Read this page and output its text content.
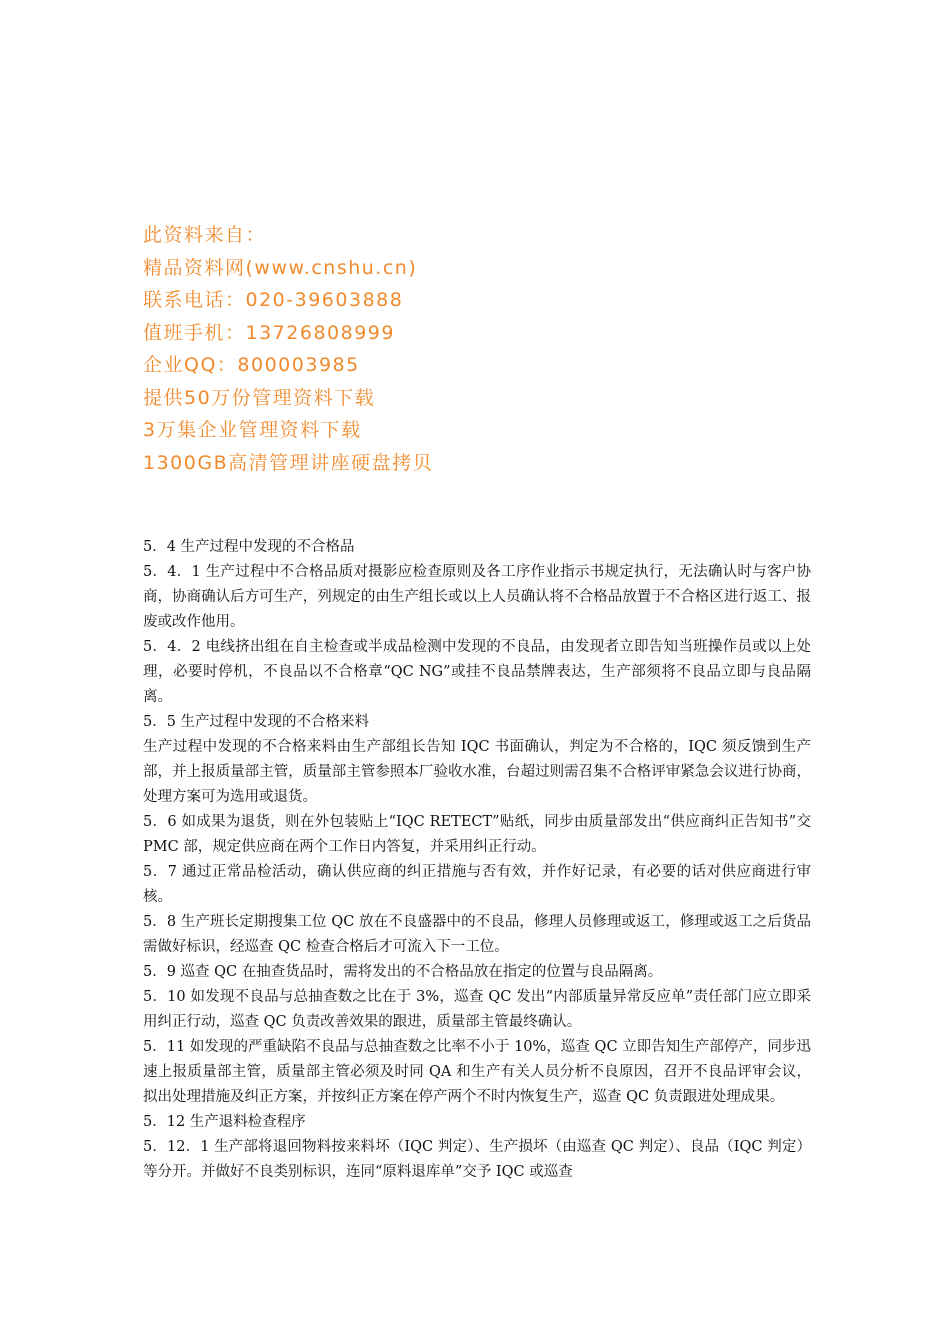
此资料来自：
精品资料网(www.cnshu.cn)
联系电话：020-39603888
值班手机：13726808999
企业QQ：800003985
提供50万份管理资料下载
3万集企业管理资料下载
1300GB高清管理讲座硬盘拷贝

5．4 生产过程中发现的不合格品

5．4．1 生产过程中不合格品质对摄影应检查原则及各工序作业指示书规定执行，无法确认时与客户协商，协商确认后方可生产，列规定的由生产组长或以上人员确认将不合格品放置于不合格区进行返工、报废或改作他用。

5．4．2 电线挤出组在自主检查或半成品检测中发现的不良品，由发现者立即告知当班操作员或以上处理，必要时停机，不良品以不合格章“QC NG”或挂不良品禁牌表达，生产部须将不良品立即与良品隔离。

5．5 生产过程中发现的不合格来料

生产过程中发现的不合格来料由生产部组长告知 IQC 书面确认，判定为不合格的，IQC 须反馈到生产部，并上报质量部主管，质量部主管参照本厂验收水准，台超过则需召集不合格评审紧急会议进行协商，处理方案可为选用或退货。

5．6 如成果为退货，则在外包装贴上“IQC RETECT”贴纸，同步由质量部发出“供应商纠正告知书”交 PMC 部，规定供应商在两个工作日内答复，并采用纠正行动。

5．7 通过正常品检活动，确认供应商的纠正措施与否有效，并作好记录，有必要的话对供应商进行审核。

5．8 生产班长定期搜集工位 QC 放在不良盛器中的不良品，修理人员修理或返工，修理或返工之后货品需做好标识，经巡查 QC 检查合格后才可流入下一工位。

5．9 巡查 QC 在抽查货品时，需将发出的不合格品放在指定的位置与良品隔离。

5．10 如发现不良品与总抽查数之比在于 3%，巡查 QC 发出“内部质量异常反应单”责任部门应立即采用纠正行动，巡查 QC 负责改善效果的跟进，质量部主管最终确认。

5．11 如发现的严重缺陷不良品与总抽查数之比率不小于 10%，巡查 QC 立即告知生产部停产，同步迅速上报质量部主管，质量部主管必须及时同 QA 和生产有关人员分析不良原因，召开不良品评审会议，拟出处理措施及纠正方案，并按纠正方案在停产两个不时内恢复生产，巡查 QC 负责跟进处理成果。

5．12 生产退料检查程序

5．12．1 生产部将退回物料按来料坏（IQC 判定）、生产损坏（由巡查 QC 判定）、良品（IQC 判定）等分开。并做好不良类别标识，连同“原料退库单”交予 IQC 或巡查
